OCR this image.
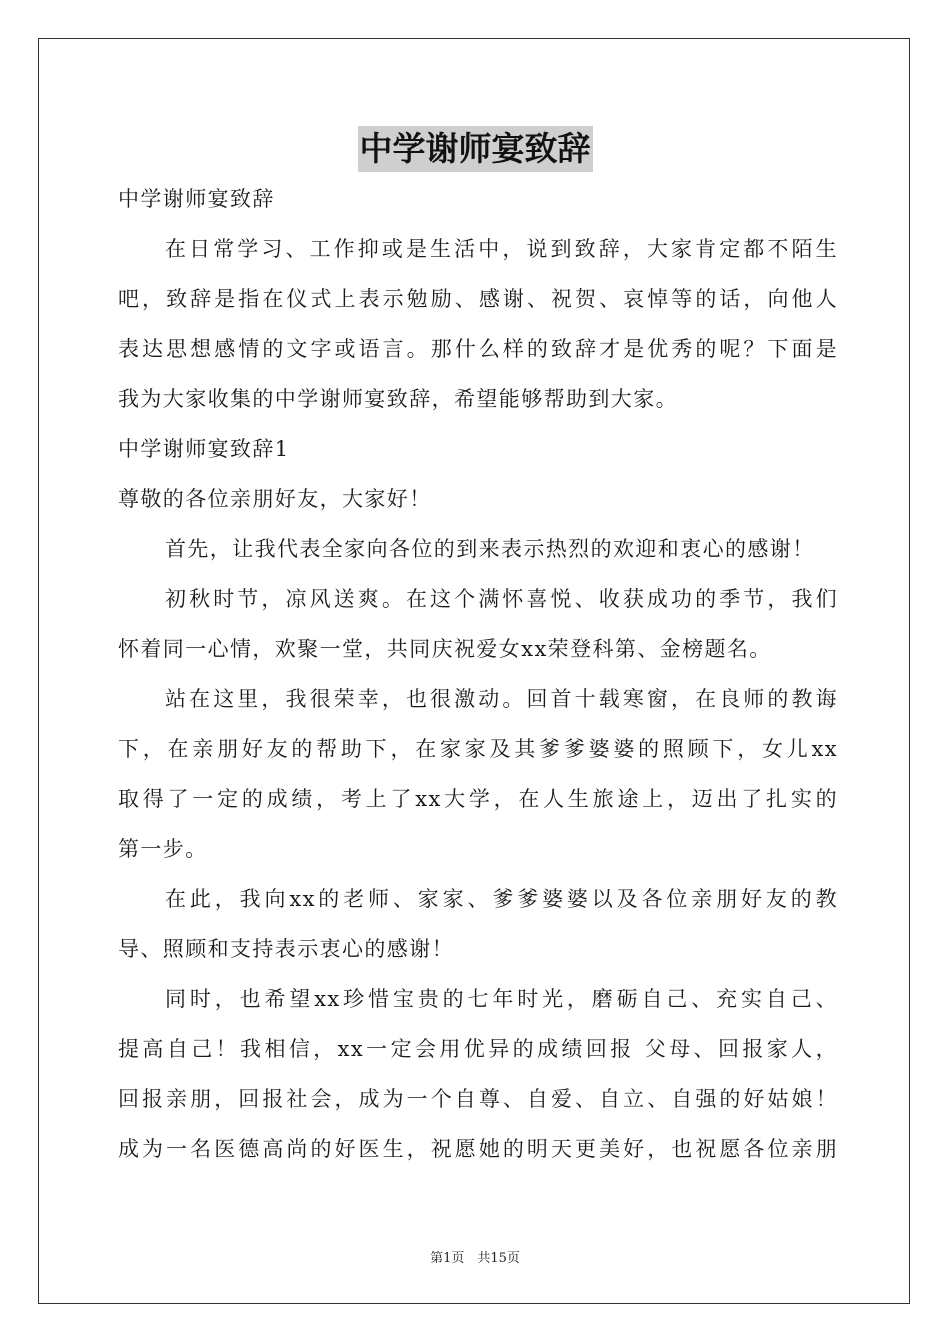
中学谢师宴致辞
中学谢师宴致辞
在日常学习、工作抑或是生活中，说到致辞，大家肯定都不陌生
吧，致辞是指在仪式上表示勉励、感谢、祝贺、哀悼等的话，向他人
表达思想感情的文字或语言。那什么样的致辞才是优秀的呢？下面是
我为大家收集的中学谢师宴致辞，希望能够帮助到大家。
中学谢师宴致辞1
尊敬的各位亲朋好友，大家好！
首先，让我代表全家向各位的到来表示热烈的欢迎和衷心的感谢！
初秋时节，凉风送爽。在这个满怀喜悦、收获成功的季节，我们
怀着同一心情，欢聚一堂，共同庆祝爱女xx荣登科第、金榜题名。
站在这里，我很荣幸，也很激动。回首十载寒窗，在良师的教诲
下，在亲朋好友的帮助下，在家家及其爹爹婆婆的照顾下，女儿xx
取得了一定的成绩，考上了xx大学，在人生旅途上，迈出了扎实的
第一步。
在此，我向xx的老师、家家、爹爹婆婆以及各位亲朋好友的教
导、照顾和支持表示衷心的感谢！
同时，也希望xx珍惜宝贵的七年时光，磨砺自己、充实自己、
提高自己！我相信，xx一定会用优异的成绩回报 父母、回报家人，
回报亲朋，回报社会，成为一个自尊、自爱、自立、自强的好姑娘！
成为一名医德高尚的好医生，祝愿她的明天更美好，也祝愿各位亲朋
第1页　共15页
